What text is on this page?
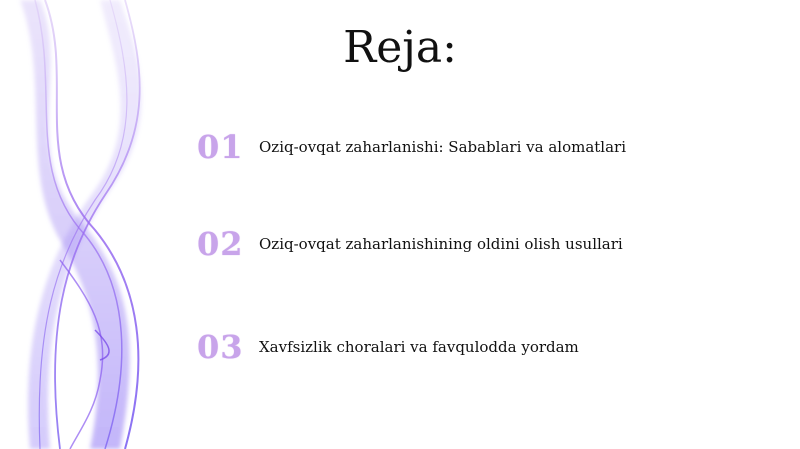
Reja:
01	Oziq-ovqat zaharlanishi: Sabablari va alomatlari
02	Oziq-ovqat zaharlanishining oldini olish usullari
03	Xavfsizlik choralari va favqulodda yordam
